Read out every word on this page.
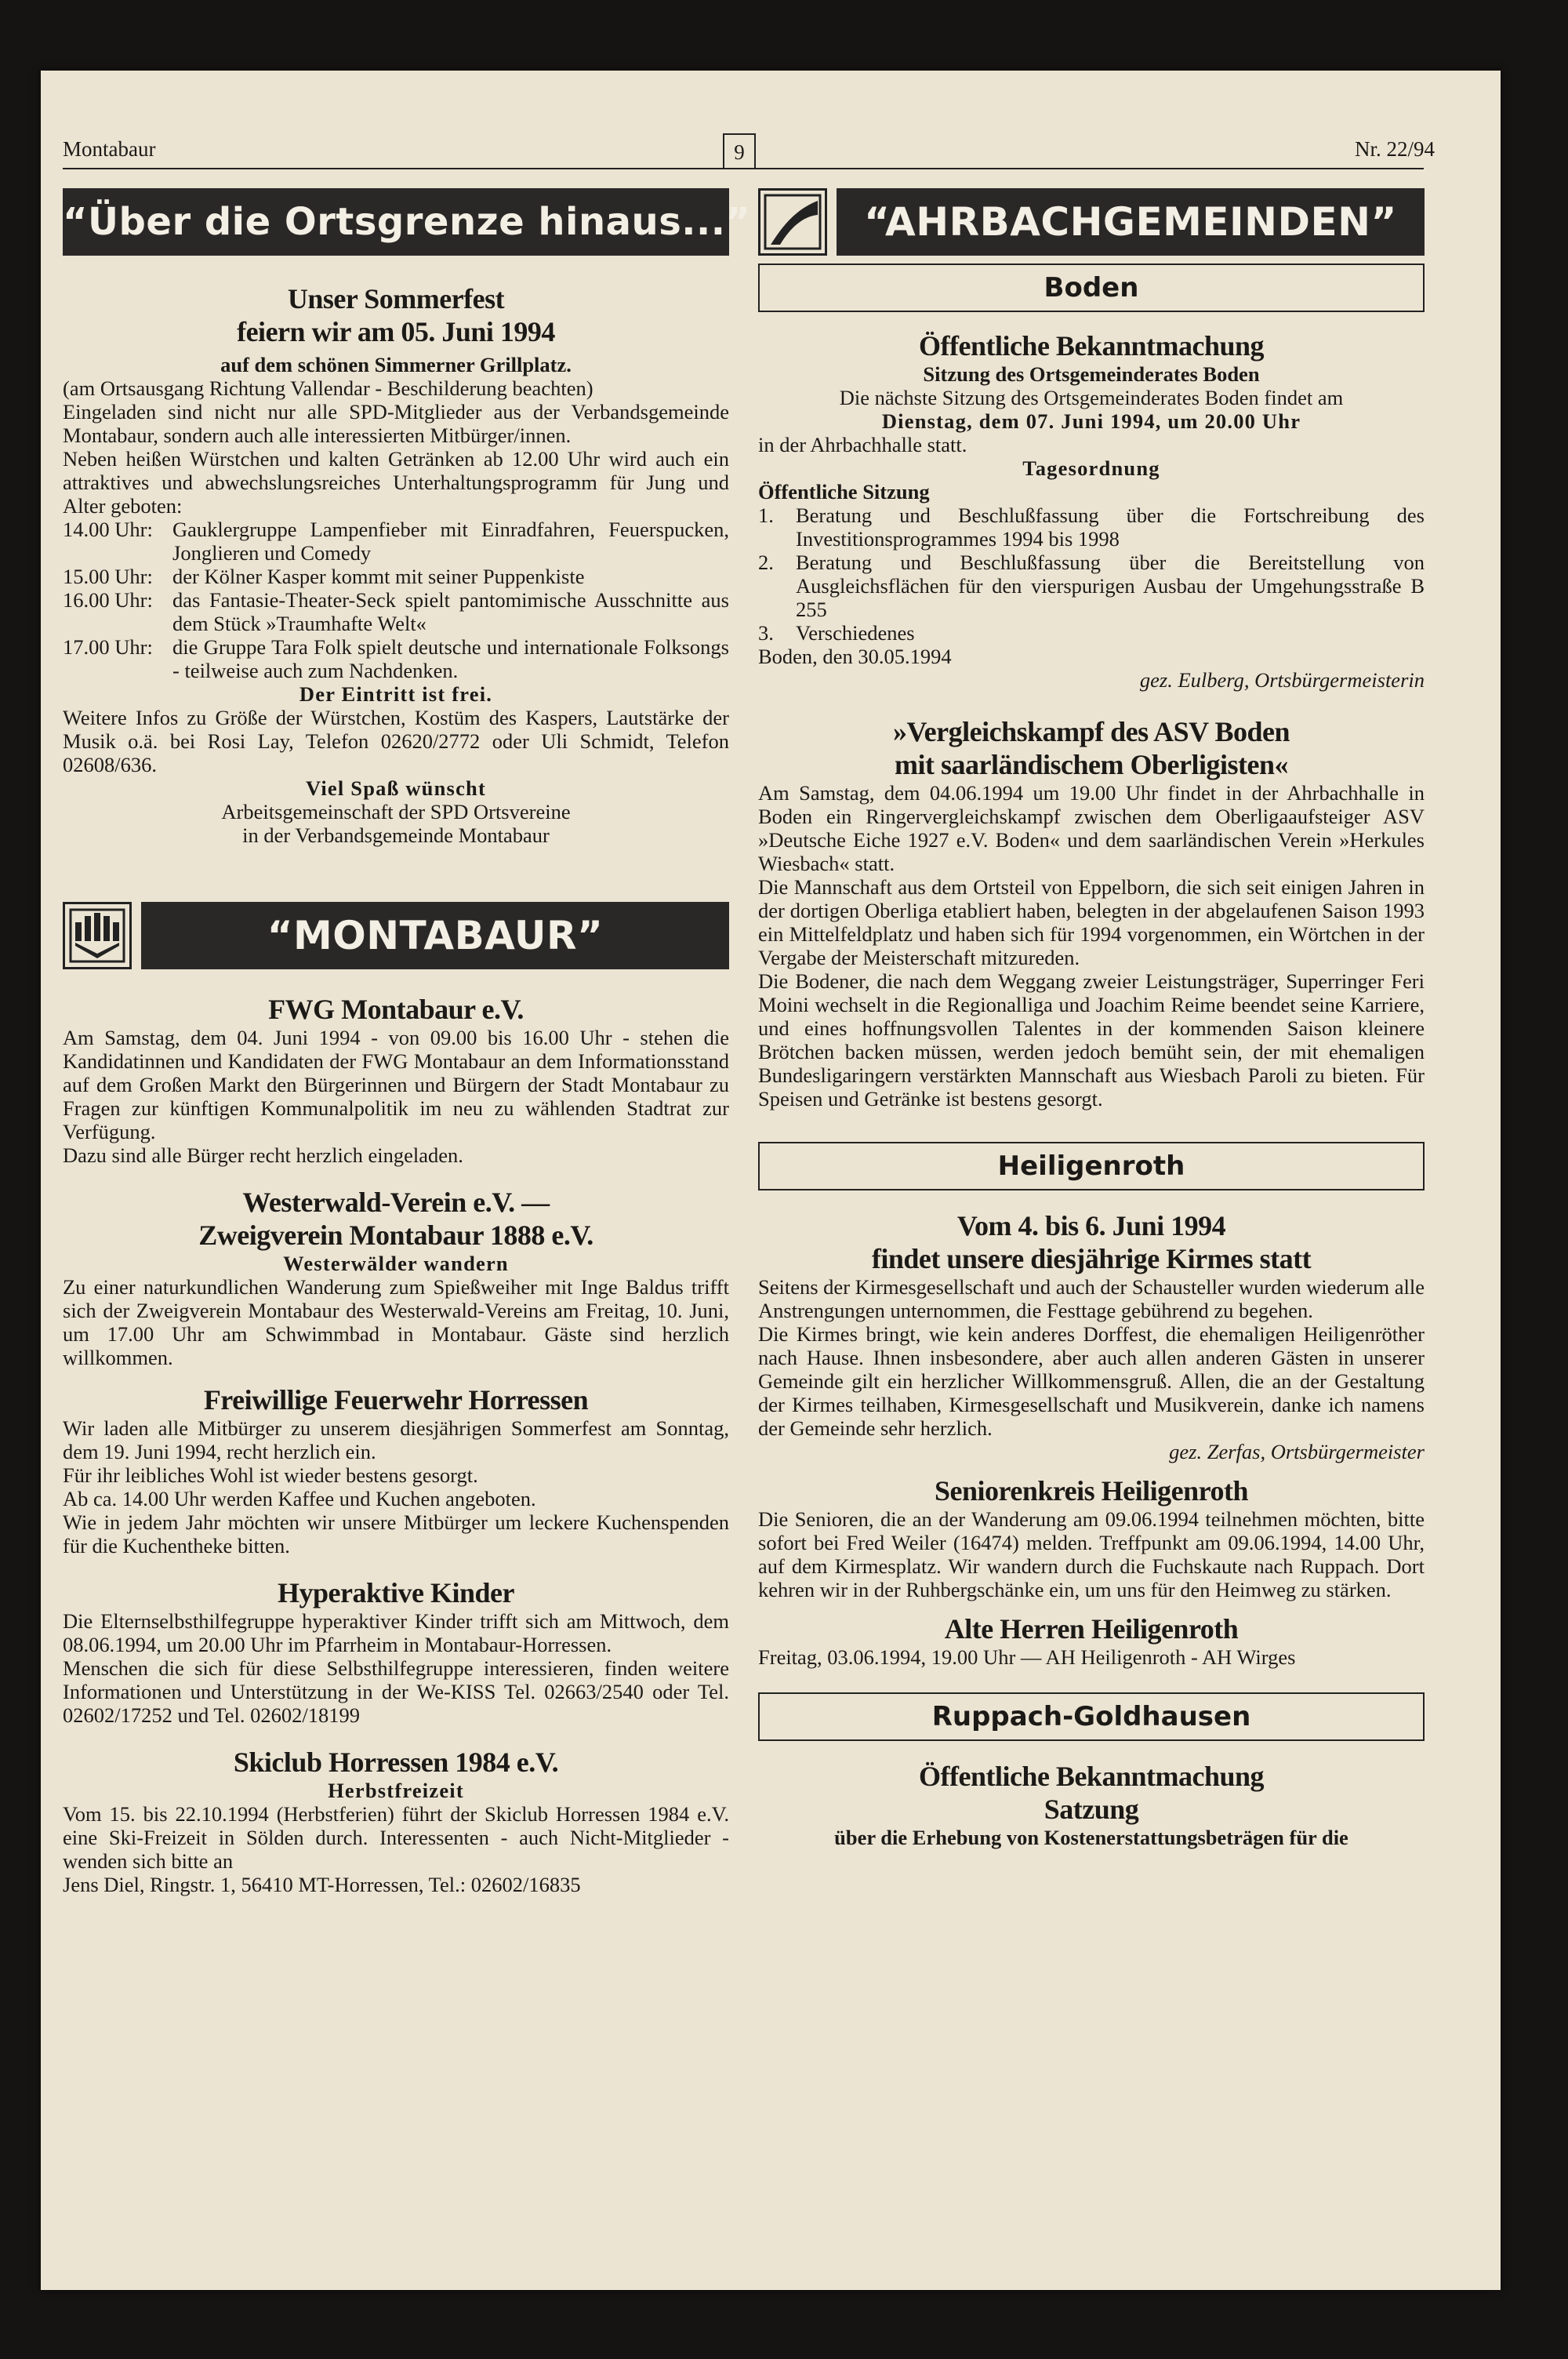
Montabaur	9	Nr. 22/94
“Über die Ortsgrenze hinaus...”
Unser Sommerfest
feiern wir am 05. Juni 1994
auf dem schönen Simmerner Grillplatz.

(am Ortsausgang Richtung Vallendar - Beschilderung beachten)

Eingeladen sind nicht nur alle SPD-Mitglieder aus der Verbandsgemeinde Montabaur, sondern auch alle interessierten Mitbürger/innen.

Neben heißen Würstchen und kalten Getränken ab 12.00 Uhr wird auch ein attraktives und abwechslungsreiches Unterhaltungsprogramm für Jung und Alter geboten:

14.00 Uhr: Gauklergruppe Lampenfieber mit Einradfahren, Feuerspucken, Jonglieren und Comedy
15.00 Uhr: der Kölner Kasper kommt mit seiner Puppenkiste
16.00 Uhr: das Fantasie-Theater-Seck spielt pantomimische Ausschnitte aus dem Stück »Traumhafte Welt«
17.00 Uhr: die Gruppe Tara Folk spielt deutsche und internationale Folksongs - teilweise auch zum Nachdenken.
Der Eintritt ist frei.

Weitere Infos zu Größe der Würstchen, Kostüm des Kaspers, Lautstärke der Musik o.ä. bei Rosi Lay, Telefon 02620/2772 oder Uli Schmidt, Telefon 02608/636.

Viel Spaß wünscht
Arbeitsgemeinschaft der SPD Ortsvereine
in der Verbandsgemeinde Montabaur
“MONTABAUR”
FWG Montabaur e.V.

Am Samstag, dem 04. Juni 1994 - von 09.00 bis 16.00 Uhr - stehen die Kandidatinnen und Kandidaten der FWG Montabaur an dem Informationsstand auf dem Großen Markt den Bürgerinnen und Bürgern der Stadt Montabaur zu Fragen zur künftigen Kommunalpolitik im neu zu wählenden Stadtrat zur Verfügung.

Dazu sind alle Bürger recht herzlich eingeladen.

Westerwald-Verein e.V. —
Zweigverein Montabaur 1888 e.V.
Westerwälder wandern

Zu einer naturkundlichen Wanderung zum Spießweiher mit Inge Baldus trifft sich der Zweigverein Montabaur des Westerwald-Vereins am Freitag, 10. Juni, um 17.00 Uhr am Schwimmbad in Montabaur. Gäste sind herzlich willkommen.

Freiwillige Feuerwehr Horressen

Wir laden alle Mitbürger zu unserem diesjährigen Sommerfest am Sonntag, dem 19. Juni 1994, recht herzlich ein.

Für ihr leibliches Wohl ist wieder bestens gesorgt.

Ab ca. 14.00 Uhr werden Kaffee und Kuchen angeboten.

Wie in jedem Jahr möchten wir unsere Mitbürger um leckere Kuchenspenden für die Kuchentheke bitten.

Hyperaktive Kinder

Die Elternselbsthilfegruppe hyperaktiver Kinder trifft sich am Mittwoch, dem 08.06.1994, um 20.00 Uhr im Pfarrheim in Montabaur-Horressen.

Menschen die sich für diese Selbsthilfegruppe interessieren, finden weitere Informationen und Unterstützung in der We-KISS Tel. 02663/2540 oder Tel. 02602/17252 und Tel. 02602/18199

Skiclub Horressen 1984 e.V.
Herbstfreizeit

Vom 15. bis 22.10.1994 (Herbstferien) führt der Skiclub Horressen 1984 e.V. eine Ski-Freizeit in Sölden durch. Interessenten - auch Nicht-Mitglieder - wenden sich bitte an

Jens Diel, Ringstr. 1, 56410 MT-Horressen, Tel.: 02602/16835

“AHRBACHGEMEINDEN”
Boden
Öffentliche Bekanntmachung
Sitzung des Ortsgemeinderates Boden
Die nächste Sitzung des Ortsgemeinderates Boden findet am
Dienstag, dem 07. Juni 1994, um 20.00 Uhr

in der Ahrbachhalle statt.

Tagesordnung
Öffentliche Sitzung
1.	Beratung und Beschlußfassung über die Fortschreibung des Investitionsprogrammes 1994 bis 1998
2.	Beratung und Beschlußfassung über die Bereitstellung von Ausgleichsflächen für den vierspurigen Ausbau der Umgehungsstraße B 255
3.	Verschiedenes

Boden, den 30.05.1994

gez. Eulberg, Ortsbürgermeisterin
»Vergleichskampf des ASV Boden
mit saarländischem Oberligisten«

Am Samstag, dem 04.06.1994 um 19.00 Uhr findet in der Ahrbachhalle in Boden ein Ringervergleichskampf zwischen dem Oberligaaufsteiger ASV »Deutsche Eiche 1927 e.V. Boden« und dem saarländischen Verein »Herkules Wiesbach« statt.

Die Mannschaft aus dem Ortsteil von Eppelborn, die sich seit einigen Jahren in der dortigen Oberliga etabliert haben, belegten in der abgelaufenen Saison 1993 ein Mittelfeldplatz und haben sich für 1994 vorgenommen, ein Wörtchen in der Vergabe der Meisterschaft mitzureden.

Die Bodener, die nach dem Weggang zweier Leistungsträger, Superringer Feri Moini wechselt in die Regionalliga und Joachim Reime beendet seine Karriere, und eines hoffnungsvollen Talentes in der kommenden Saison kleinere Brötchen backen müssen, werden jedoch bemüht sein, der mit ehemaligen Bundesligaringern verstärkten Mannschaft aus Wiesbach Paroli zu bieten. Für Speisen und Getränke ist bestens gesorgt.

Heiligenroth
Vom 4. bis 6. Juni 1994
findet unsere diesjährige Kirmes statt

Seitens der Kirmesgesellschaft und auch der Schausteller wurden wiederum alle Anstrengungen unternommen, die Festtage gebührend zu begehen.

Die Kirmes bringt, wie kein anderes Dorffest, die ehemaligen Heiligenröther nach Hause. Ihnen insbesondere, aber auch allen anderen Gästen in unserer Gemeinde gilt ein herzlicher Willkommensgruß. Allen, die an der Gestaltung der Kirmes teilhaben, Kirmesgesellschaft und Musikverein, danke ich namens der Gemeinde sehr herzlich.

gez. Zerfas, Ortsbürgermeister
Seniorenkreis Heiligenroth

Die Senioren, die an der Wanderung am 09.06.1994 teilnehmen möchten, bitte sofort bei Fred Weiler (16474) melden. Treffpunkt am 09.06.1994, 14.00 Uhr, auf dem Kirmesplatz. Wir wandern durch die Fuchskaute nach Ruppach. Dort kehren wir in der Ruhbergschänke ein, um uns für den Heimweg zu stärken.

Alte Herren Heiligenroth

Freitag, 03.06.1994, 19.00 Uhr — AH Heiligenroth - AH Wirges

Ruppach-Goldhausen
Öffentliche Bekanntmachung
Satzung
über die Erhebung von Kostenerstattungsbeträgen für die
